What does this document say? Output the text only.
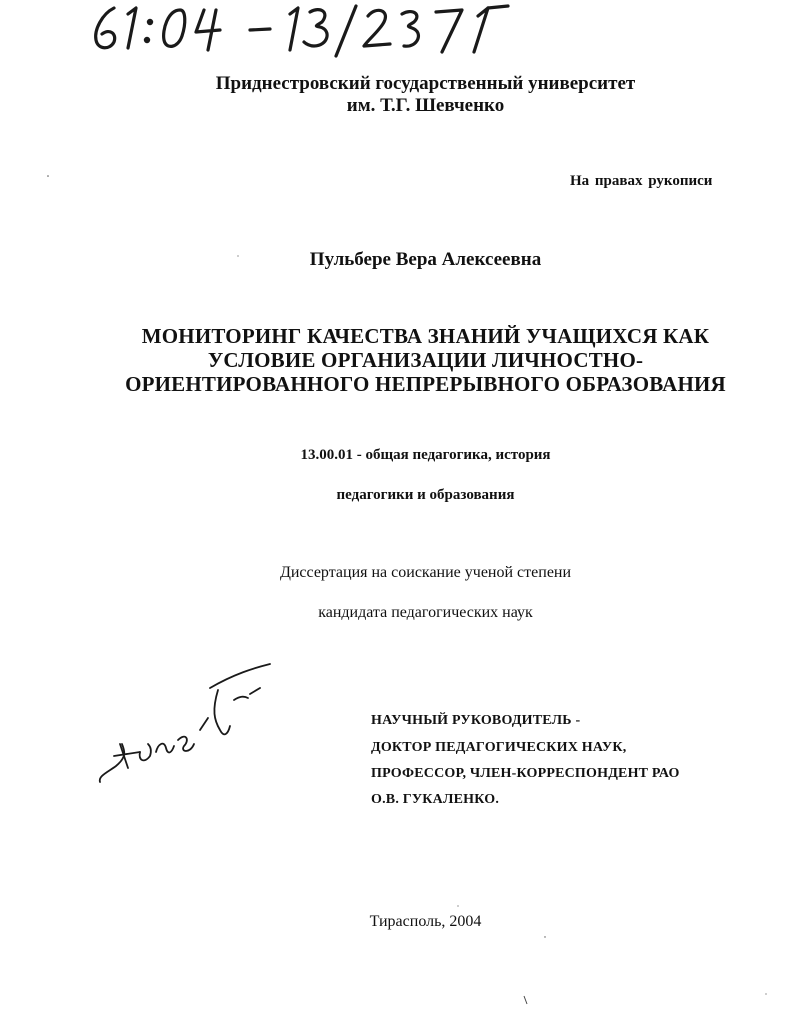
Приднестровский государственный университет
им. Т.Г. Шевченко
На правах рукописи
Пульбере Вера Алексеевна
МОНИТОРИНГ КАЧЕСТВА ЗНАНИЙ УЧАЩИХСЯ КАК
УСЛОВИЕ ОРГАНИЗАЦИИ ЛИЧНОСТНО-
ОРИЕНТИРОВАННОГО НЕПРЕРЫВНОГО ОБРАЗОВАНИЯ
13.00.01 - общая педагогика, история
педагогики и образования
Диссертация на соискание ученой степени
кандидата педагогических наук
НАУЧНЫЙ РУКОВОДИТЕЛЬ -
ДОКТОР ПЕДАГОГИЧЕСКИХ НАУК,
ПРОФЕССОР, ЧЛЕН-КОРРЕСПОНДЕНТ РАО
О.В. ГУКАЛЕНКО.
Тирасполь, 2004
